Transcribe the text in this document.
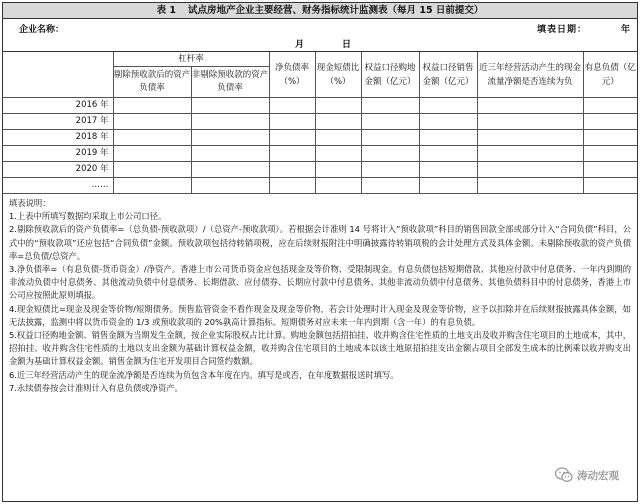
表 1 试点房地产企业主要经营、财务指标统计监测表（每月 15 日前提交）
企业名称：	填表日期：	年
月	日
	杠杆率		净负债率（%）	现金短债比（%）	权益口径购地金额（亿元）	权益口径销售金额（亿元）	近三年经营活动产生的现金流量净额是否连续为负	有息负债（亿元）
	剔除预收款后的资产负债率	非剔除预收款的资产负债率						
2016 年								
2017 年								
2018 年								
2019 年								
2020 年								
……								
填表说明：

1.上表中所填写数据均采取上市公司口径。

2.剔除预收款后的资产负债率=（总负债-预收款项）/（总资产-预收款项）。若根据会计准则 14 号将计入“预收款项”科目的销售回款全部或部分计入“合同负债”科目，公式中的“预收款项”还应包括“合同负债”金额。预收款项包括待转销项税，应在后续财报附注中明确披露待转销项税的会计处理方式及具体金额。未剔除预收款的资产负债率=总负债/总资产。

3.净负债率=（有息负债-货币资金）/净资产。香港上市公司货币资金应包括现金及等价物、受限制现金。有息负债包括短期借款、其他应付款中付息债务、一年内到期的非流动负债中付息债务、其他流动负债中付息债务、长期借款、应付债券、长期应付款中付息债务、其他非流动负债中付息债务、其他负债科目中的付息债务，香港上市公司应按照此原则填报。

4.现金短债比=现金及现金等价物/短期债务。预售监管资金不看作现金及现金等价物，若会计处理时计入现金及现金等价物，应予以扣除并在后续财报披露具体金额，如无法披露，监测中将以货币资金的 1/3 或预收款项的 20%孰高计算指标。短期债务对应未来一年内到期（含一年）的有息负债。

5.权益口径购地金额、销售金额为当期发生金额，按企业实际股权占比计算。购地金额包括招拍挂、收并购含住宅性质的土地支出及收并购含住宅项目的土地成本，其中，招拍挂、收并购含住宅性质的土地以支出金额为基础计算权益金额，收并购含住宅项目的土地成本以该土地原招拍挂支出金额占项目全部发生成本的比例乘以收并购支出金额为基础计算权益金额。销售金额为住宅开发项目合同签约数额。

6.近三年经营活动产生的现金流净额是否连续为负包含本年度在内。填写是或否，在年度数据报送时填写。

7.永续债券按会计准则计入有息负债或净资产。

涛动宏观
